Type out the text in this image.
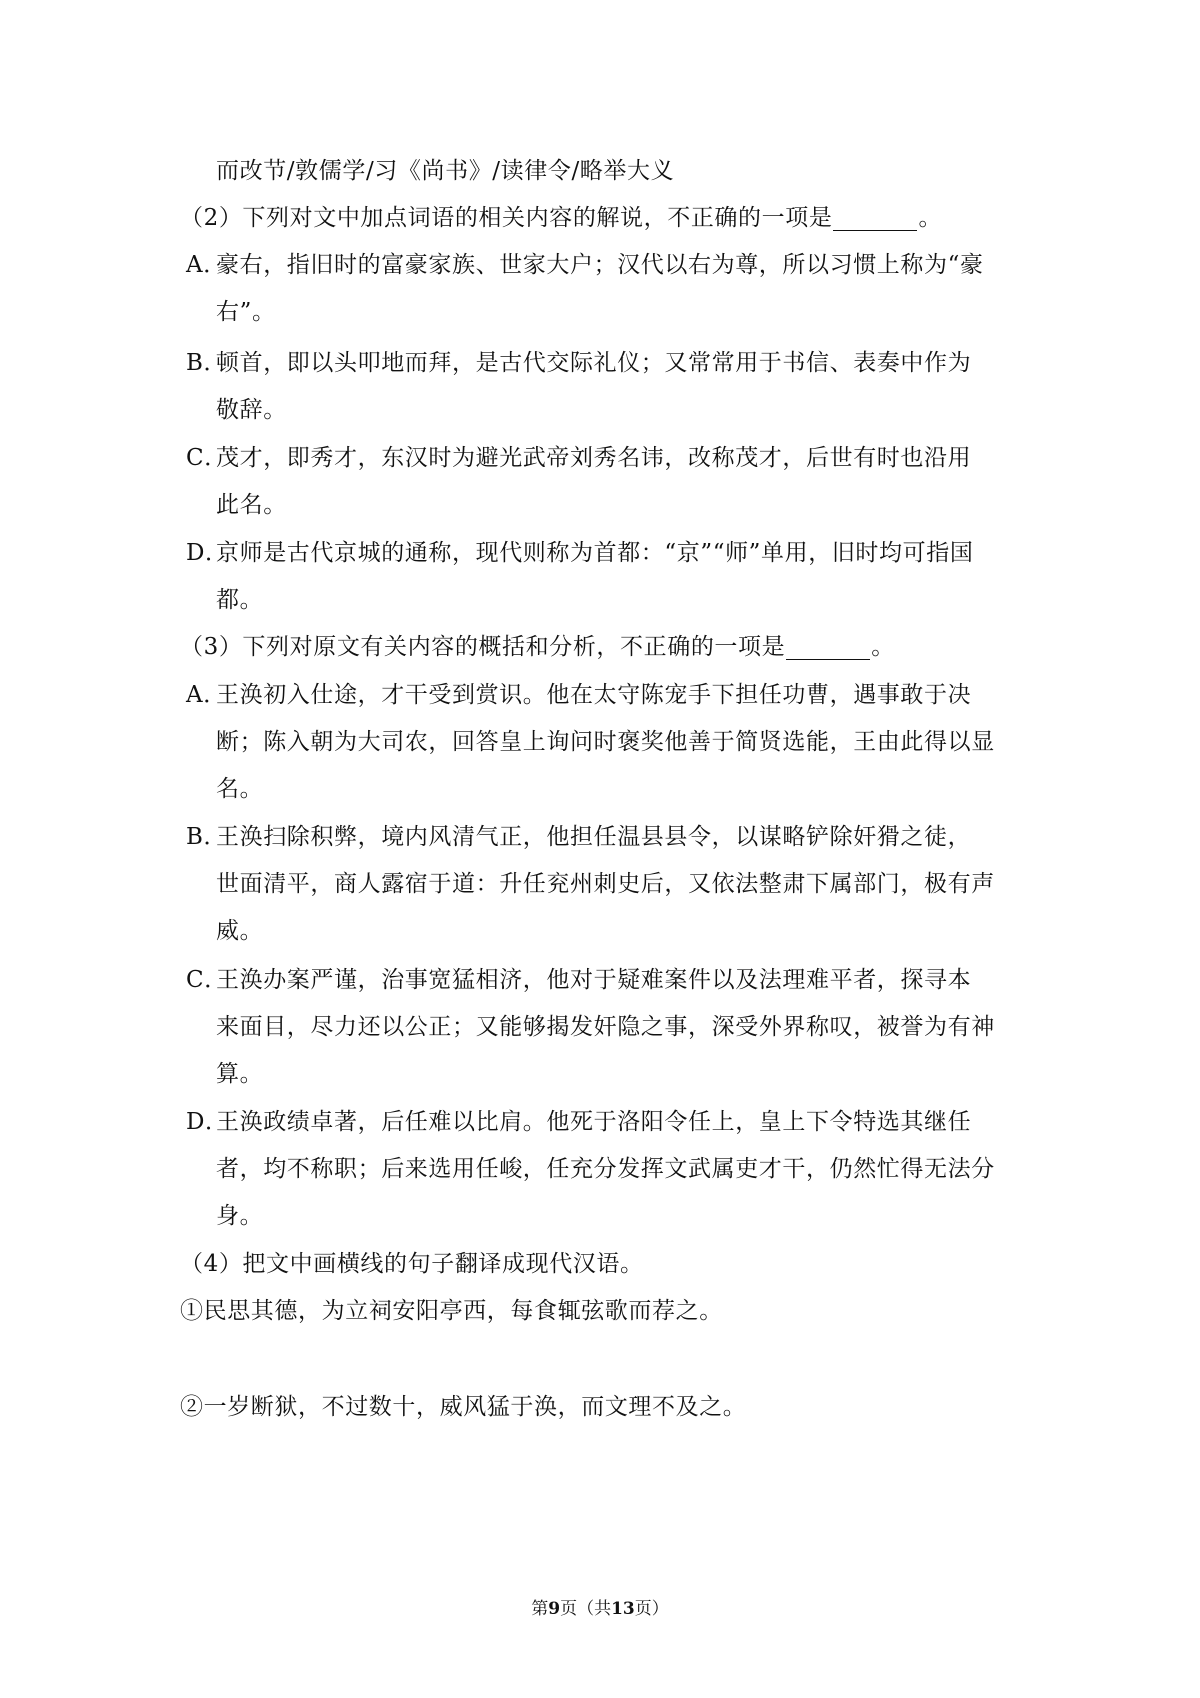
而改节/敦儒学/习《尚书》/读律令/略举大义
（2）下列对文中加点词语的相关内容的解说，不正确的一项是	。
A．豪右，指旧时的富豪家族、世家大户；汉代以右为尊，所以习惯上称为“豪
右”。
B．顿首，即以头叩地而拜，是古代交际礼仪；又常常用于书信、表奏中作为
敬辞。
C．茂才，即秀才，东汉时为避光武帝刘秀名讳，改称茂才，后世有时也沿用
此名。
D．京师是古代京城的通称，现代则称为首都：“京”“师”单用，旧时均可指国
都。
（3）下列对原文有关内容的概括和分析，不正确的一项是	。
A．王涣初入仕途，才干受到赏识。他在太守陈宠手下担任功曹，遇事敢于决
断；陈入朝为大司农，回答皇上询问时褒奖他善于简贤选能，王由此得以显
名。
B．王涣扫除积弊，境内风清气正，他担任温县县令，以谋略铲除奸猾之徒，
世面清平，商人露宿于道：升任兖州刺史后，又依法整肃下属部门，极有声
威。
C．王涣办案严谨，治事宽猛相济，他对于疑难案件以及法理难平者，探寻本
来面目，尽力还以公正；又能够揭发奸隐之事，深受外界称叹，被誉为有神
算。
D．王涣政绩卓著，后任难以比肩。他死于洛阳令任上，皇上下令特选其继任
者，均不称职；后来选用任峻，任充分发挥文武属吏才干，仍然忙得无法分
身。
（4）把文中画横线的句子翻译成现代汉语。
①民思其德，为立祠安阳亭西，每食辄弦歌而荐之。
②一岁断狱，不过数十，威风猛于涣，而文理不及之。
第9页（共13页）
